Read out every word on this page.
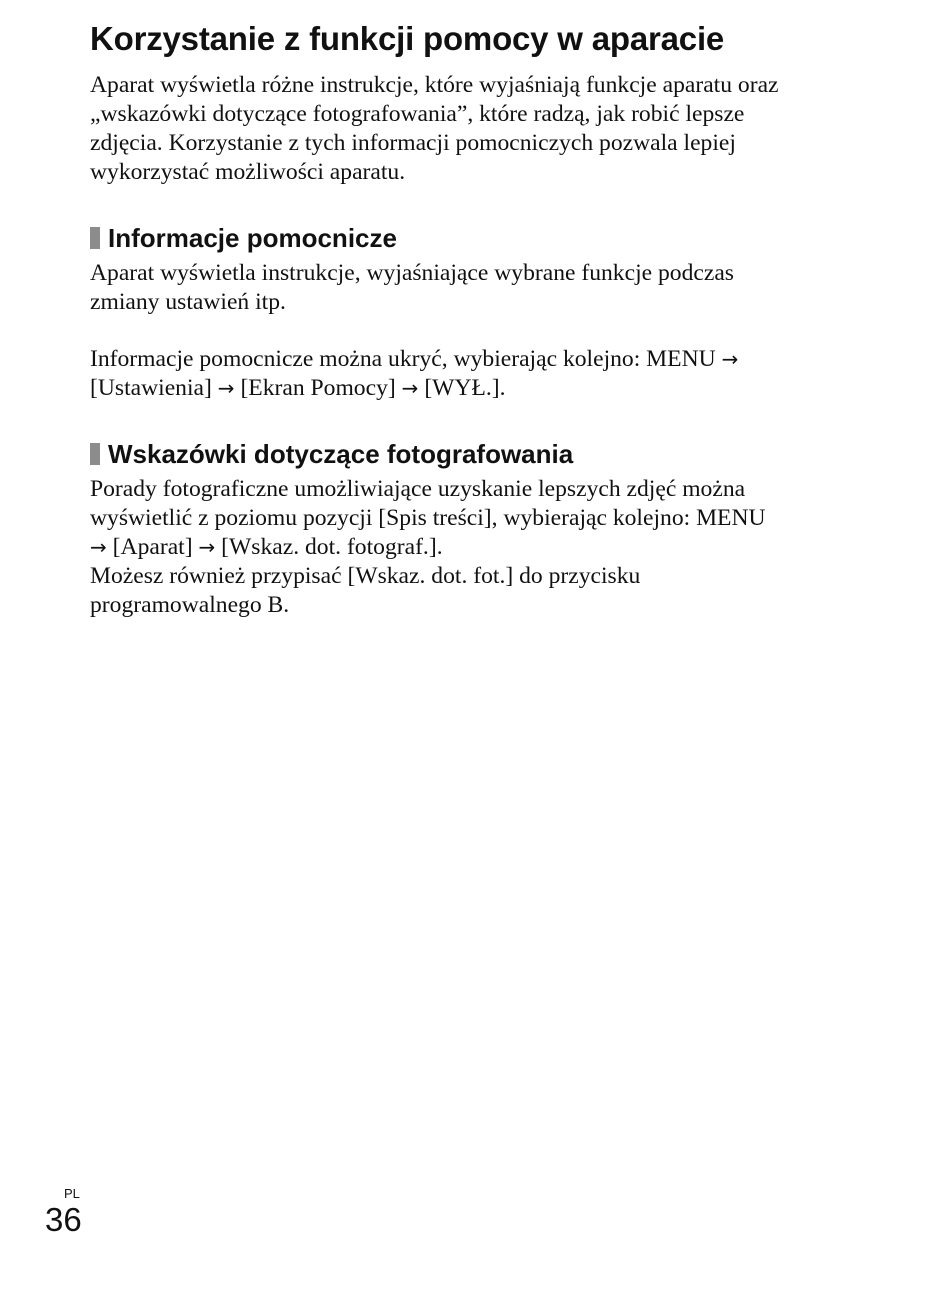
Korzystanie z funkcji pomocy w aparacie

Aparat wyświetla różne instrukcje, które wyjaśniają funkcje aparatu oraz
„wskazówki dotyczące fotografowania”, które radzą, jak robić lepsze
zdjęcia. Korzystanie z tych informacji pomocniczych pozwala lepiej
wykorzystać możliwości aparatu.

Informacje pomocnicze

Aparat wyświetla instrukcje, wyjaśniające wybrane funkcje podczas
zmiany ustawień itp.

Informacje pomocnicze można ukryć, wybierając kolejno: MENU →
[Ustawienia] → [Ekran Pomocy] → [WYŁ.].

Wskazówki dotyczące fotografowania

Porady fotograficzne umożliwiające uzyskanie lepszych zdjęć można
wyświetlić z poziomu pozycji [Spis treści], wybierając kolejno: MENU
→ [Aparat] → [Wskaz. dot. fotograf.].
Możesz również przypisać [Wskaz. dot. fot.] do przycisku
programowalnego B.

PL
36
